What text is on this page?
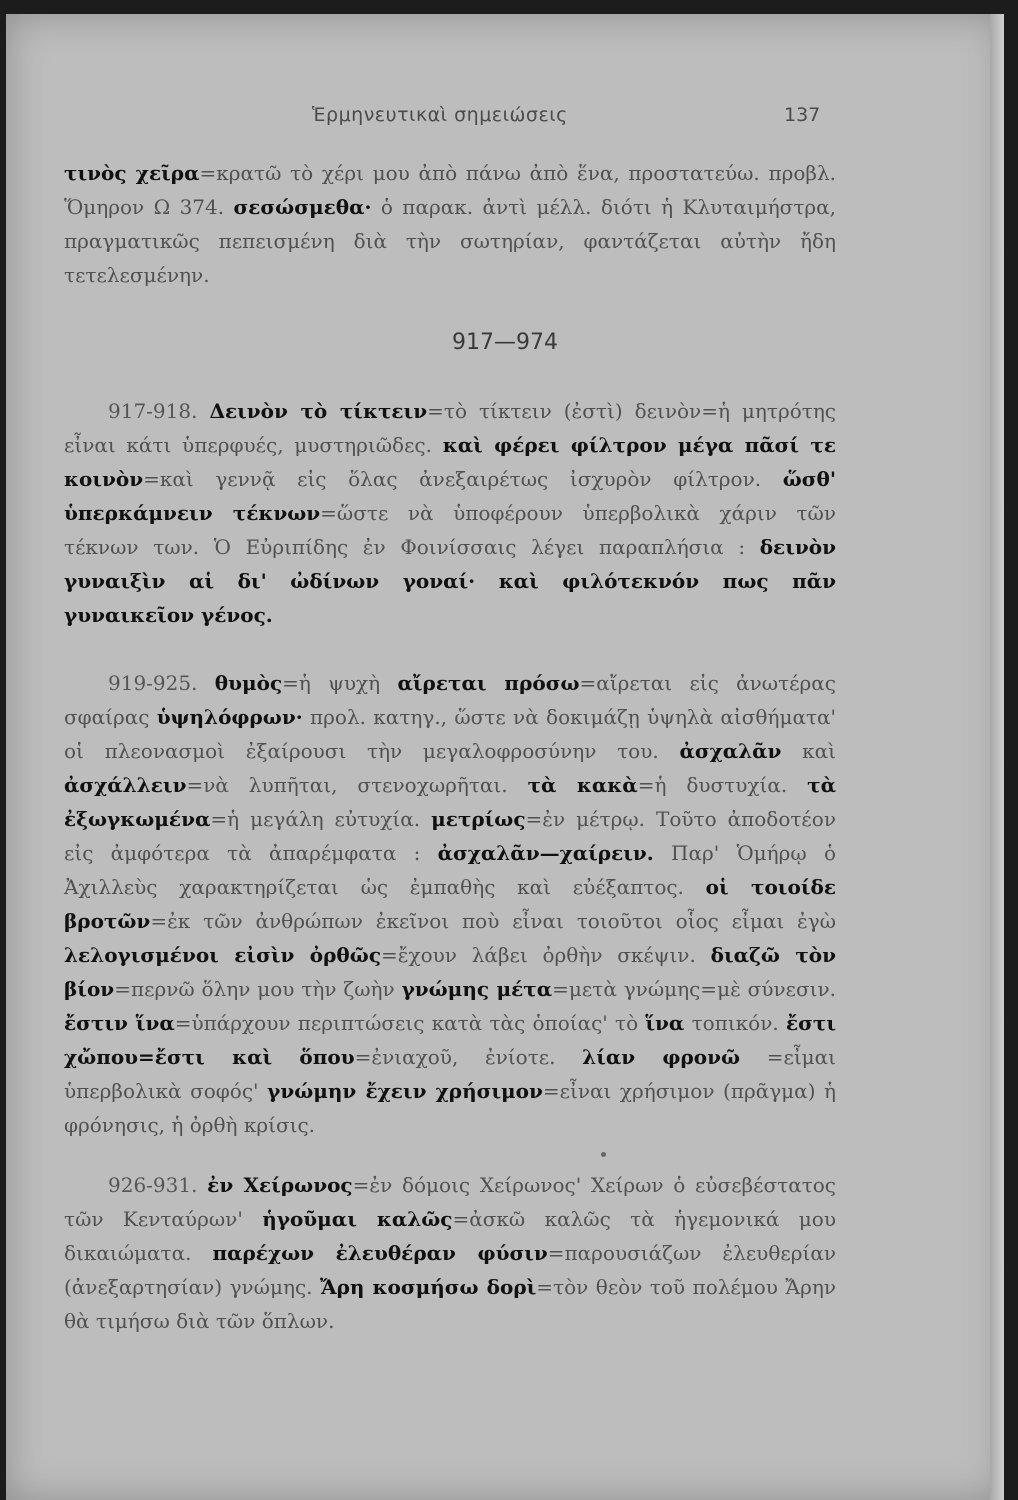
Ἑρμηνευτικαὶ σημειώσεις	137

τινὸς χεῖρα=κρατῶ τὸ χέρι μου ἀπὸ πάνω ἀπὸ ἕνα, προστατεύω. προβλ. Ὅμηρον Ω 374. σεσώσμεθα· ὁ παρακ. ἀντὶ μέλλ. διότι ἡ Κλυταιμήστρα, πραγματικῶς πεπεισμένη διὰ τὴν σωτηρίαν, φαντάζεται αὐτὴν ἤδη τετελεσμένην.

917—974

917-918. Δεινὸν τὸ τίκτειν=τὸ τίκτειν (ἐστὶ) δεινὸν=ἡ μητρότης εἶναι κάτι ὑπερφυές, μυστηριῶδες. καὶ φέρει φίλτρον μέγα πᾶσί τε κοινὸν=καὶ γεννᾷ εἰς ὅλας ἀνεξαιρέτως ἰσχυρὸν φίλτρον. ὥσθ' ὑπερκάμνειν τέκνων=ὥστε νὰ ὑποφέρουν ὑπερβολικὰ χάριν τῶν τέκνων των. Ὁ Εὐριπίδης ἐν Φοινίσσαις λέγει παραπλήσια : δεινὸν γυναιξὶν αἱ δι' ὠδίνων γοναί· καὶ φιλότεκνόν πως πᾶν γυναικεῖον γένος.

919-925. θυμὸς=ἡ ψυχὴ αἴρεται πρόσω=αἴρεται εἰς ἀνωτέρας σφαίρας ὑψηλόφρων· προλ. κατηγ., ὥστε νὰ δοκιμάζῃ ὑψηλὰ αἰσθήματα' οἱ πλεονασμοὶ ἐξαίρουσι τὴν μεγαλοφροσύνην του. ἀσχαλᾶν καὶ ἀσχάλλειν=νὰ λυπῆται, στενοχωρῆται. τὰ κακὰ=ἡ δυστυχία. τὰ ἐξωγκωμένα=ἡ μεγάλη εὐτυχία. μετρίως=ἐν μέτρῳ. Τοῦτο ἀποδοτέον εἰς ἀμφότερα τὰ ἀπαρέμφατα : ἀσχαλᾶν—χαίρειν. Παρ' Ὁμήρῳ ὁ Ἀχιλλεὺς χαρακτηρίζεται ὡς ἐμπαθὴς καὶ εὐέξαπτος. οἱ τοιοίδε βροτῶν=ἐκ τῶν ἀνθρώπων ἐκεῖνοι ποὺ εἶναι τοιοῦτοι οἷος εἶμαι ἐγὼ λελογισμένοι εἰσὶν ὀρθῶς=ἔχουν λάβει ὀρθὴν σκέψιν. διαζῶ τὸν βίον=περνῶ ὅλην μου τὴν ζωὴν γνώμης μέτα=μετὰ γνώμης=μὲ σύνεσιν. ἔστιν ἵνα=ὑπάρχουν περιπτώσεις κατὰ τὰς ὁποίας' τὸ ἵνα τοπικόν. ἔστι χὤπου=ἔστι καὶ ὅπου=ἐνιαχοῦ, ἐνίοτε. λίαν φρονῶ =εἶμαι ὑπερβολικὰ σοφός' γνώμην ἔχειν χρήσιμον=εἶναι χρήσιμον (πρᾶγμα) ἡ φρόνησις, ἡ ὀρθὴ κρίσις.

926-931. ἐν Χείρωνος=ἐν δόμοις Χείρωνος' Χείρων ὁ εὐσεβέστατος τῶν Κενταύρων' ἡγοῦμαι καλῶς=ἀσκῶ καλῶς τὰ ἡγεμονικά μου δικαιώματα. παρέχων ἐλευθέραν φύσιν=παρουσιάζων ἐλευθερίαν (ἀνεξαρτησίαν) γνώμης. Ἄρη κοσμήσω δορὶ=τὸν θεὸν τοῦ πολέμου Ἄρην θὰ τιμήσω διὰ τῶν ὅπλων.
